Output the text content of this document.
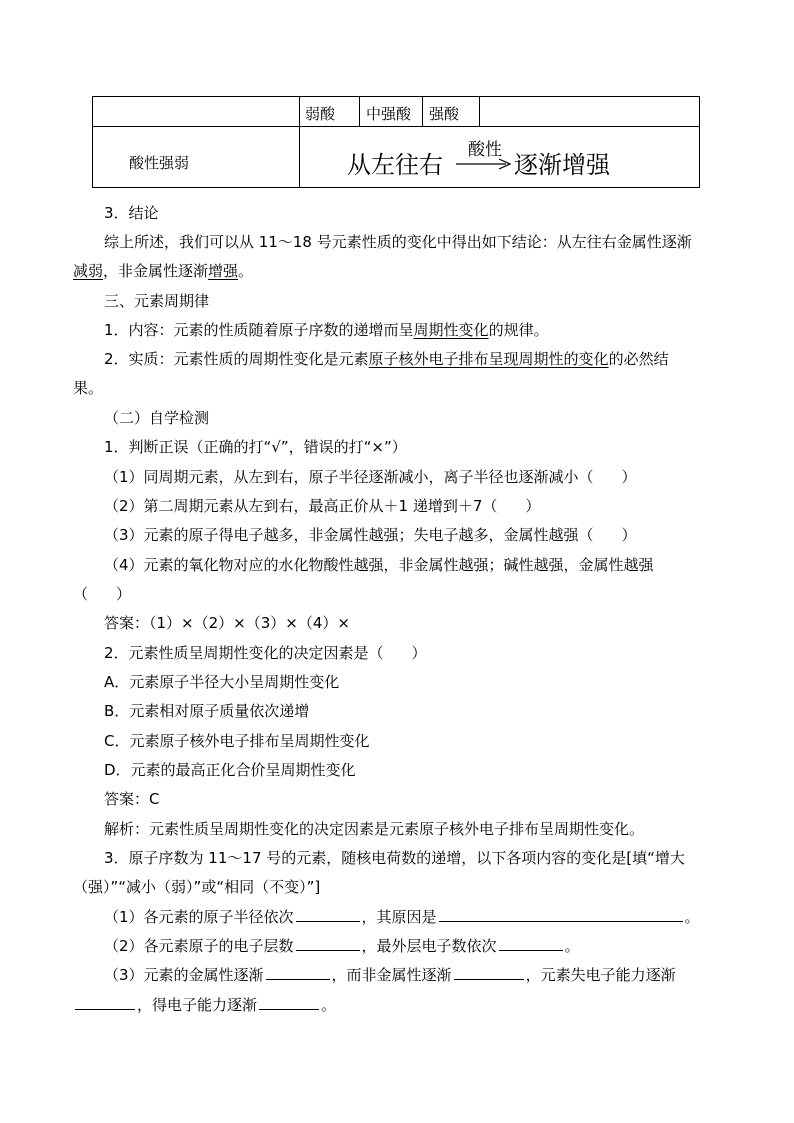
弱酸 中强酸 强酸
酸性强弱	从左往右
酸性
逐渐增强
3．结论
综上所述，我们可以从 11～18 号元素性质的变化中得出如下结论：从左往右金属性逐渐
减弱，非金属性逐渐增强。
三、元素周期律
1．内容：元素的性质随着原子序数的递增而呈周期性变化的规律。
2．实质：元素性质的周期性变化是元素原子核外电子排布呈现周期性的变化的必然结
果。
（二）自学检测
1．判断正误（正确的打“√”，错误的打“×”）
（1）同周期元素，从左到右，原子半径逐渐减小，离子半径也逐渐减小（ ）
（2）第二周期元素从左到右，最高正价从＋1 递增到＋7（ ）
（3）元素的原子得电子越多，非金属性越强；失电子越多，金属性越强（ ）
（4）元素的氧化物对应的水化物酸性越强，非金属性越强；碱性越强，金属性越强
（ ）
答案：（1）×（2）×（3）×（4）×
2．元素性质呈周期性变化的决定因素是（ ）
A．元素原子半径大小呈周期性变化
B．元素相对原子质量依次递增
C．元素原子核外电子排布呈周期性变化
D．元素的最高正化合价呈周期性变化
答案：C
解析：元素性质呈周期性变化的决定因素是元素原子核外电子排布呈周期性变化。
3．原子序数为 11～17 号的元素，随核电荷数的递增，以下各项内容的变化是[填“增大
（强）”“减小（弱）”或“相同（不变）”]
（1）各元素的原子半径依次	，其原因是	。
（2）各元素原子的电子层数	，最外层电子数依次	。
（3）元素的金属性逐渐	，而非金属性逐渐	，元素失电子能力逐渐
，得电子能力逐渐	。
